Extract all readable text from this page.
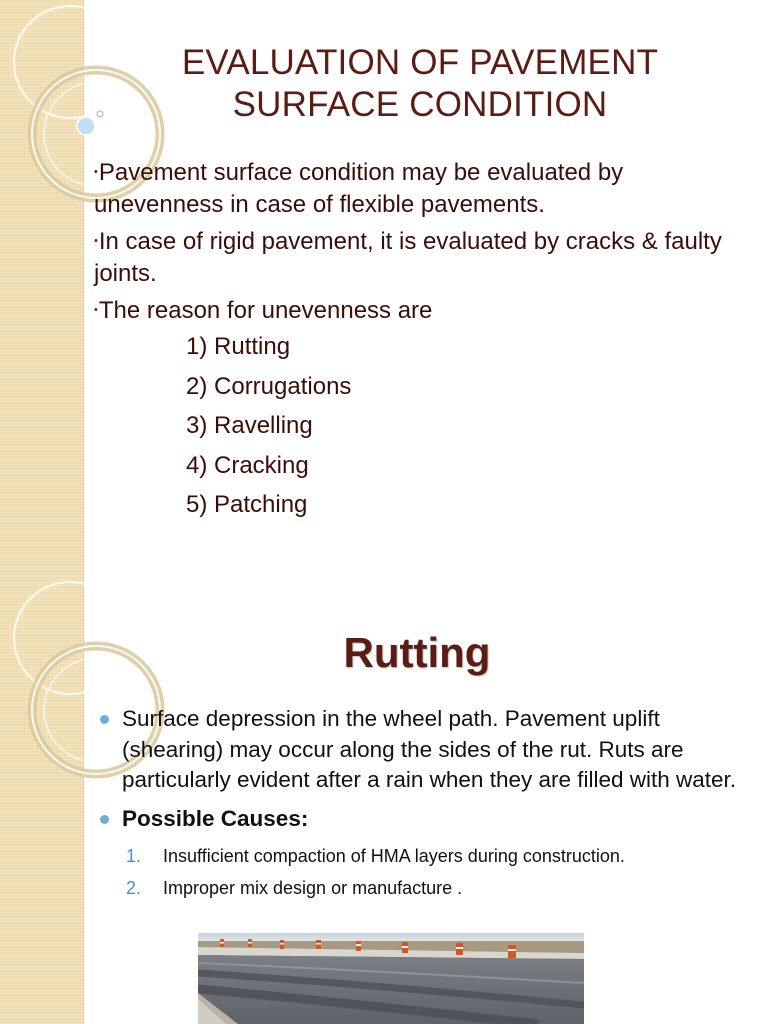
EVALUATION OF PAVEMENT
SURFACE CONDITION

•Pavement surface condition may be evaluated by unevenness in case of flexible pavements.

•In case of rigid pavement, it is evaluated by cracks & faulty joints.

•The reason for unevenness are

1) Rutting
2) Corrugations
3) Ravelling
4) Cracking
5) Patching
Rutting
Surface depression in the wheel path. Pavement uplift (shearing) may occur along the sides of the rut. Ruts are particularly evident after a rain when they are filled with water.
Possible Causes:
1. Insufficient compaction of HMA layers during construction.
2. Improper mix design or manufacture .
